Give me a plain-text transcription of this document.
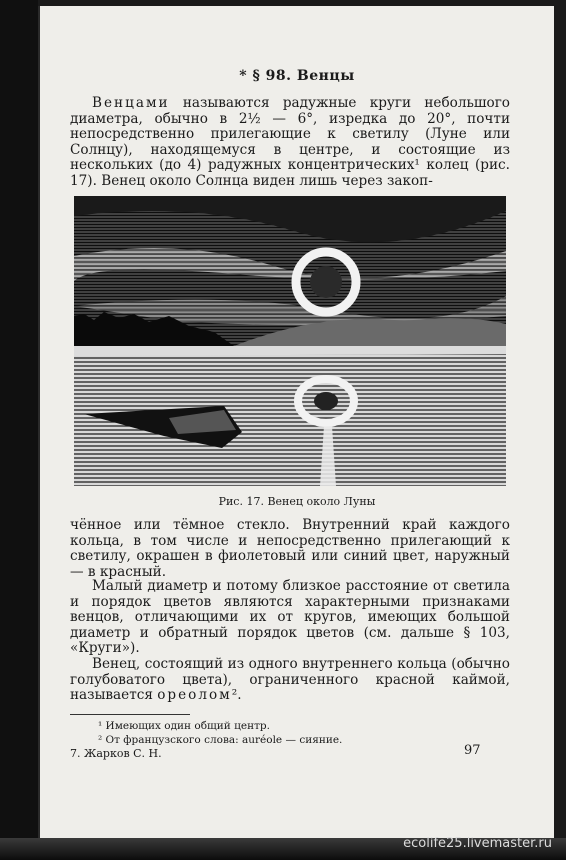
* § 98. Венцы

Венцами называются радужные круги небольшого диаметра, обычно в 2½ — 6°, изредка до 20°, почти непосредственно прилегающие к светилу (Луне или Солнцу), находящемуся в центре, и состоящие из нескольких (до 4) радужных концентрических¹ колец (рис. 17). Венец около Солнца виден лишь через закоп-

Рис. 17. Венец около Луны

чённое или тёмное стекло. Внутренний край каждого кольца, в том числе и непосредственно прилегающий к светилу, окрашен в фиолетовый или синий цвет, наружный — в красный.

Малый диаметр и потому близкое расстояние от светила и порядок цветов являются характерными признаками венцов, отличающими их от кругов, имеющих большой диаметр и обратный порядок цветов (см. дальше § 103, «Круги»).

Венец, состоящий из одного внутреннего кольца (обычно голубоватого цвета), ограниченного красной каймой, называется ореолом².

¹ Имеющих один общий центр.
² От французского слова: auréole — сияние.
7. Жарков С. Н.	97
ecolife25.livemaster.ru
